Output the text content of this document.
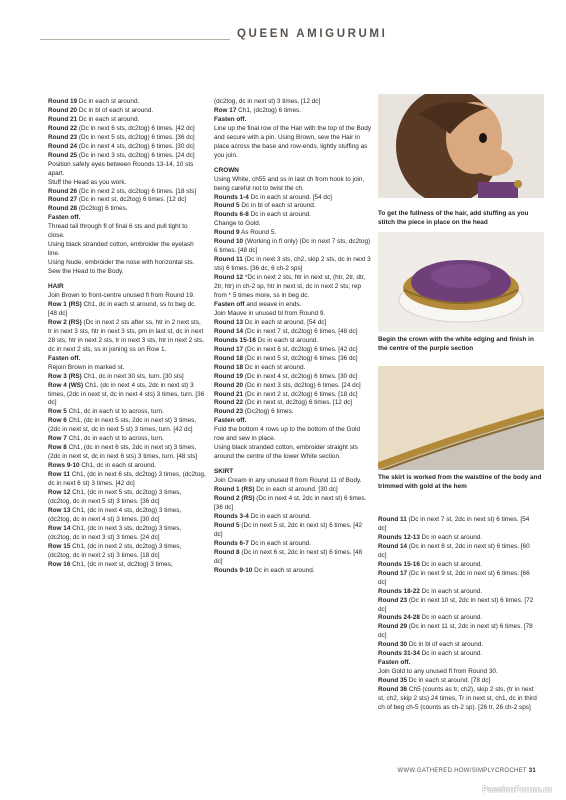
QUEEN AMIGURUMI

Round 19 Dc in each st around.

Round 20 Dc in bl of each st around.

Round 21 Dc in each st around.

Round 22 (Dc in next 6 sts, dc2tog) 6 times. [42 dc]

Round 23 (Dc in next 5 sts, dc2tog) 6 times. [36 dc]

Round 24 (Dc in next 4 sts, dc2tog) 6 times. [30 dc]

Round 25 (Dc in next 3 sts, dc2tog) 6 times. [24 dc]

Position safety eyes between Rounds 13-14, 10 sts apart.

Stuff the Head as you work.

Round 26 (Dc in next 2 sts, dc2tog) 6 times. [18 sts]

Round 27 (Dc in next st, dc2tog) 6 times. [12 dc]

Round 28 (Dc2tog) 6 times.

Fasten off.

Thread tail through fl of final 6 sts and pull tight to close.

Using black stranded cotton, embroider the eyelash line.

Using Nude, embroider the nose with horizontal sts.

Sew the Head to the Body.

HAIR

Join Brown to front-centre unused fl from Round 19.

Row 1 (RS) Ch1, dc in each st around, ss to beg dc. [48 dc]

Row 2 (RS) (Dc in next 2 sts after ss, htr in 2 next sts, tr in next 3 sts, htr in next 3 sts, pm in last st, dc in next 28 sts, htr in next 2 sts, tr in next 3 sts, htr in next 2 sts, dc in next 2 sts, ss in joining ss on Row 1.

Fasten off.

Rejoin Brown in marked st.

Row 3 (RS) Ch1, dc in next 30 sts, turn. [30 sts]

Row 4 (WS) Ch1, (dc in next 4 sts, 2dc in next st) 3 times, (2dc in next st, dc in next 4 sts) 3 times, turn. [36 dc]

Row 5 Ch1, dc in each st to across, turn.

Row 6 Ch1, (dc in next 5 sts, 2dc in next st) 3 times, (2dc in next st, dc in next 5 st) 3 times, turn. [42 dc]

Row 7 Ch1, dc in each st to across, turn.

Row 8 Ch1, (dc in next 6 sts, 2dc in next st) 3 times, (2dc in next st, dc in next 6 sts) 3 times, turn. [48 sts]

Rows 9-10 Ch1, dc in each st around.

Row 11 Ch1, (dc in next 6 sts, dc2tog) 3 times, (dc2tog, dc in next 6 st) 3 times. [42 dc]

Row 12 Ch1, (dc in next 5 sts, dc2tog) 3 times, (dc2tog, dc in next 5 st) 3 times. [36 dc]

Row 13 Ch1, (dc in next 4 sts, dc2tog) 3 times, (dc2tog, dc in next 4 st) 3 times. [30 dc]

Row 14 Ch1, (dc in next 3 sts, dc2tog) 3 times, (dc2tog, dc in next 3 st) 3 times. [24 dc]

Row 15 Ch1, (dc in next 2 sts, dc2tog) 3 times, (dc2tog, dc in next 2 st) 3 times. [18 dc]

Row 16 Ch1, (dc in next st, dc2tog) 3 times,

(dc2tog, dc in next st) 3 times. [12 dc]

Row 17 Ch1, (dc2tog) 6 times.

Fasten off.

Line up the final row of the Hair with the top of the Body and secure with a pin. Using Brown, sew the Hair in place across the base and row-ends, lightly stuffing as you join.

CROWN

Using White, ch55 and ss in last ch from hook to join, being careful not to twist the ch.

Rounds 1-4 Dc in each st around. [54 dc]

Round 5 Dc in bl of each st around.

Rounds 6-8 Dc in each st around.

Change to Gold.

Round 9 As Round 5.

Round 10 (Working in fl only) (Dc in next 7 sts, dc2tog) 6 times. [48 dc]

Round 11 (Dc in next 3 sts, ch2, skip 2 sts, dc in next 3 sts) 6 times. [36 dc, 6 ch-2 sps]

Round 12 *Dc in next 2 sts, htr in next st, (htr, 2tr, dtr, 2tr, htr) in ch-2 sp, htr in next st, dc in next 2 sts; rep from * 5 times more, ss in beg dc.

Fasten off and weave in ends.

Join Mauve in unused bl from Round 9.

Round 13 Dc in each st around. [54 dc]

Round 14 (Dc in next 7 st, dc2tog) 6 times. [48 dc]

Rounds 15-16 Dc in each st around.

Round 17 (Dc in next 6 st, dc2tog) 6 times. [42 dc]

Round 18 (Dc in next 5 st, dc2tog) 6 times. [36 dc]

Round 18 Dc in each st around.

Round 19 (Dc in next 4 st, dc2tog) 6 times. [30 dc]

Round 20 (Dc in next 3 sts, dc2tog) 6 times. [24 dc]

Round 21 (Dc in next 2 st, dc2tog) 6 times. [18 dc]

Round 22 (Dc in next st, dc2tog) 6 times. [12 dc]

Round 23 (Dc2tog) 6 times.

Fasten off.

Fold the bottom 4 rows up to the bottom of the Gold row and sew in place.

Using black stranded cotton, embroider straight sts around the centre of the lower White section.

SKIRT

Join Cream in any unused fl from Round 11 of Body.

Round 1 (RS) Dc in each st around. [30 dc]

Round 2 (RS) (Dc in next 4 st, 2dc in next st) 6 times. [36 dc]

Rounds 3-4 Dc in each st around.

Round 5 (Dc in next 5 st, 2dc in next st) 6 times. [42 dc]

Rounds 6-7 Dc in each st around.

Round 8 (Dc in next 6 st, 2dc in next st) 6 times. [48 dc]

Rounds 9-10 Dc in each st around.

Round 11 (Dc in next 7 st, 2dc in next st) 6 times. [54 dc]

Rounds 12-13 Dc in each st around.

Round 14 (Dc in next 8 st, 2dc in next st) 6 times. [60 dc]

Rounds 15-16 Dc in each st around.

Round 17 (Dc in next 9 st, 2dc in next st) 6 times. [66 dc]

Rounds 18-22 Dc in each st around.

Round 23 (Dc in next 10 st, 2dc in next st) 6 times. [72 dc]

Rounds 24-28 Dc in each st around.

Round 29 (Dc in next 11 st, 2dc in next st) 6 times. [78 dc]

Round 30 Dc in bl of each st around.

Rounds 31-34 Dc in each st around.

Fasten off.

Join Gold to any unused fl from Round 30.

Round 35 Dc in each st around. [78 dc]

Round 36 Ch5 (counts as tr, ch2), skip 2 sts, (tr in next st, ch2, skip 2 sts) 24 times, Tr in next st, ch1, dc in third ch of beg ch-5 (counts as ch-2 sp). [26 tr, 26 ch-2 sps]

To get the fullness of the hair, add stuffing as you stitch the piece in place on the head
Begin the crown with the white edging and finish in the centre of the purple section
The skirt is worked from the waistline of the body and trimmed with gold at the hem
WWW.GATHERED.HOW/SIMPLYCROCHET 31
PassionForum.ru
